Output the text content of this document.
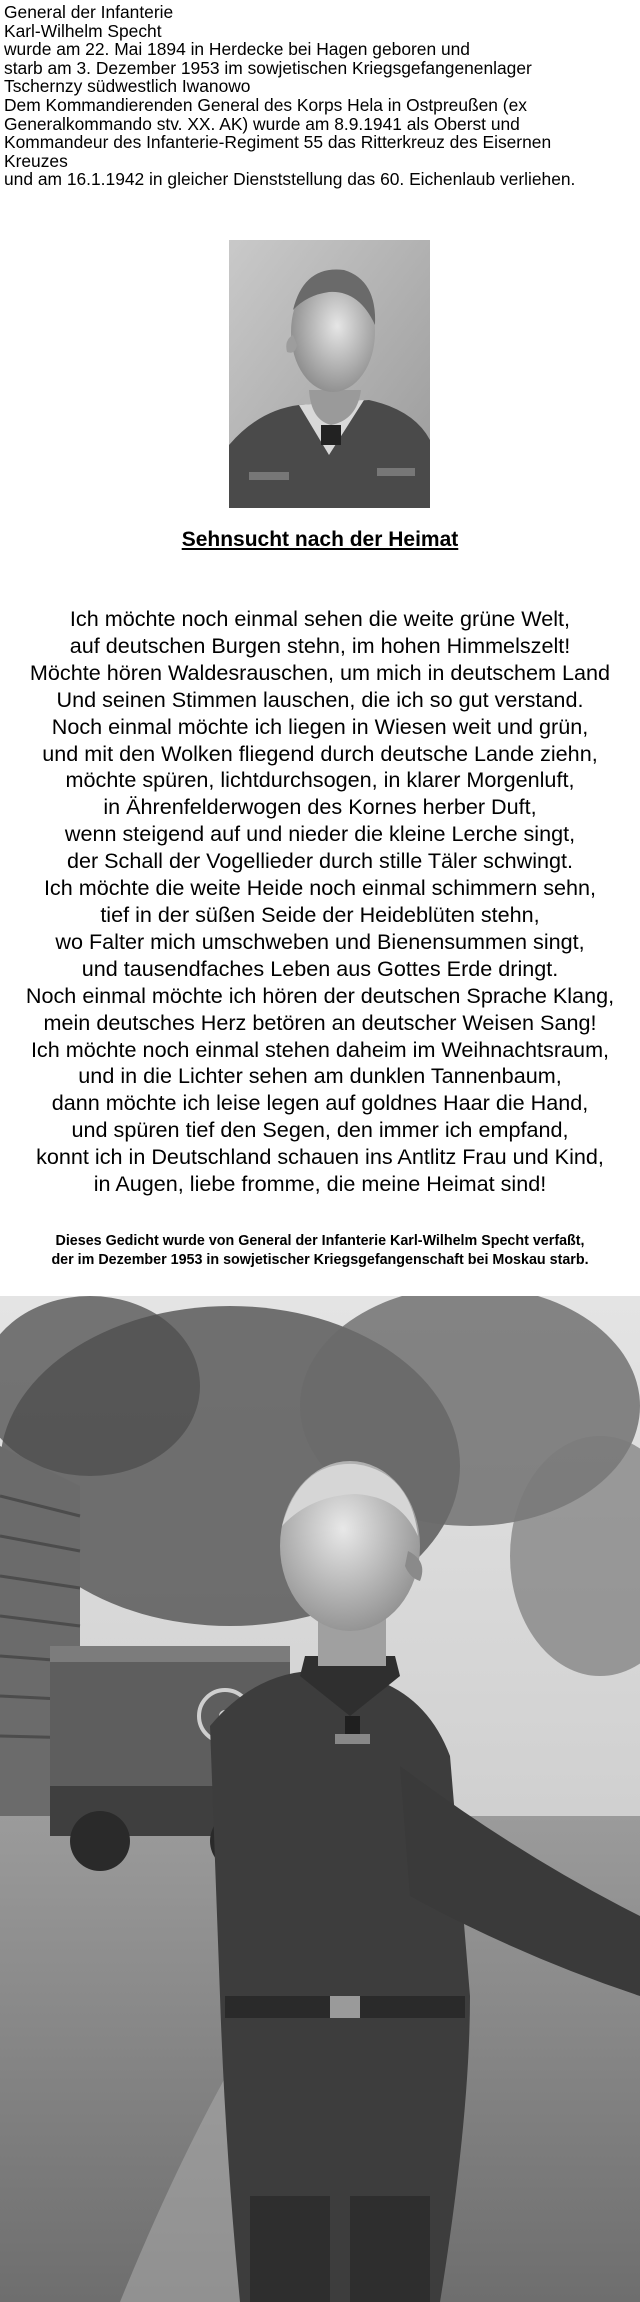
General der Infanterie
Karl-Wilhelm Specht
wurde am 22. Mai 1894 in Herdecke bei Hagen geboren und
starb am 3. Dezember 1953 im sowjetischen Kriegsgefangenenlager
Tschernzy südwestlich Iwanowo
Dem Kommandierenden General des Korps Hela in Ostpreußen (ex
Generalkommando stv. XX. AK) wurde am 8.9.1941 als Oberst und
Kommandeur des Infanterie-Regiment 55 das Ritterkreuz des Eisernen
Kreuzes
und am 16.1.1942 in gleicher Dienststellung das 60. Eichenlaub verliehen.
Sehnsucht nach der Heimat
Ich möchte noch einmal sehen die weite grüne Welt,
auf deutschen Burgen stehn, im hohen Himmelszelt!
Möchte hören Waldesrauschen, um mich in deutschem Land
Und seinen Stimmen lauschen, die ich so gut verstand.
Noch einmal möchte ich liegen in Wiesen weit und grün,
und mit den Wolken fliegend durch deutsche Lande ziehn,
möchte spüren, lichtdurchsogen, in klarer Morgenluft,
in Ährenfelderwogen des Kornes herber Duft,
wenn steigend auf und nieder die kleine Lerche singt,
der Schall der Vogellieder durch stille Täler schwingt.
Ich möchte die weite Heide noch einmal schimmern sehn,
tief in der süßen Seide der Heideblüten stehn,
wo Falter mich umschweben und Bienensummen singt,
und tausendfaches Leben aus Gottes Erde dringt.
Noch einmal möchte ich hören der deutschen Sprache Klang,
mein deutsches Herz betören an deutscher Weisen Sang!
Ich möchte noch einmal stehen daheim im Weihnachtsraum,
und in die Lichter sehen am dunklen Tannenbaum,
dann möchte ich leise legen auf goldnes Haar die Hand,
und spüren tief den Segen, den immer ich empfand,
konnt ich in Deutschland schauen ins Antlitz Frau und Kind,
in Augen, liebe fromme, die meine Heimat sind!
Dieses Gedicht wurde von General der Infanterie Karl-Wilhelm Specht verfaßt,
der im Dezember 1953 in sowjetischer Kriegsgefangenschaft bei Moskau starb.
